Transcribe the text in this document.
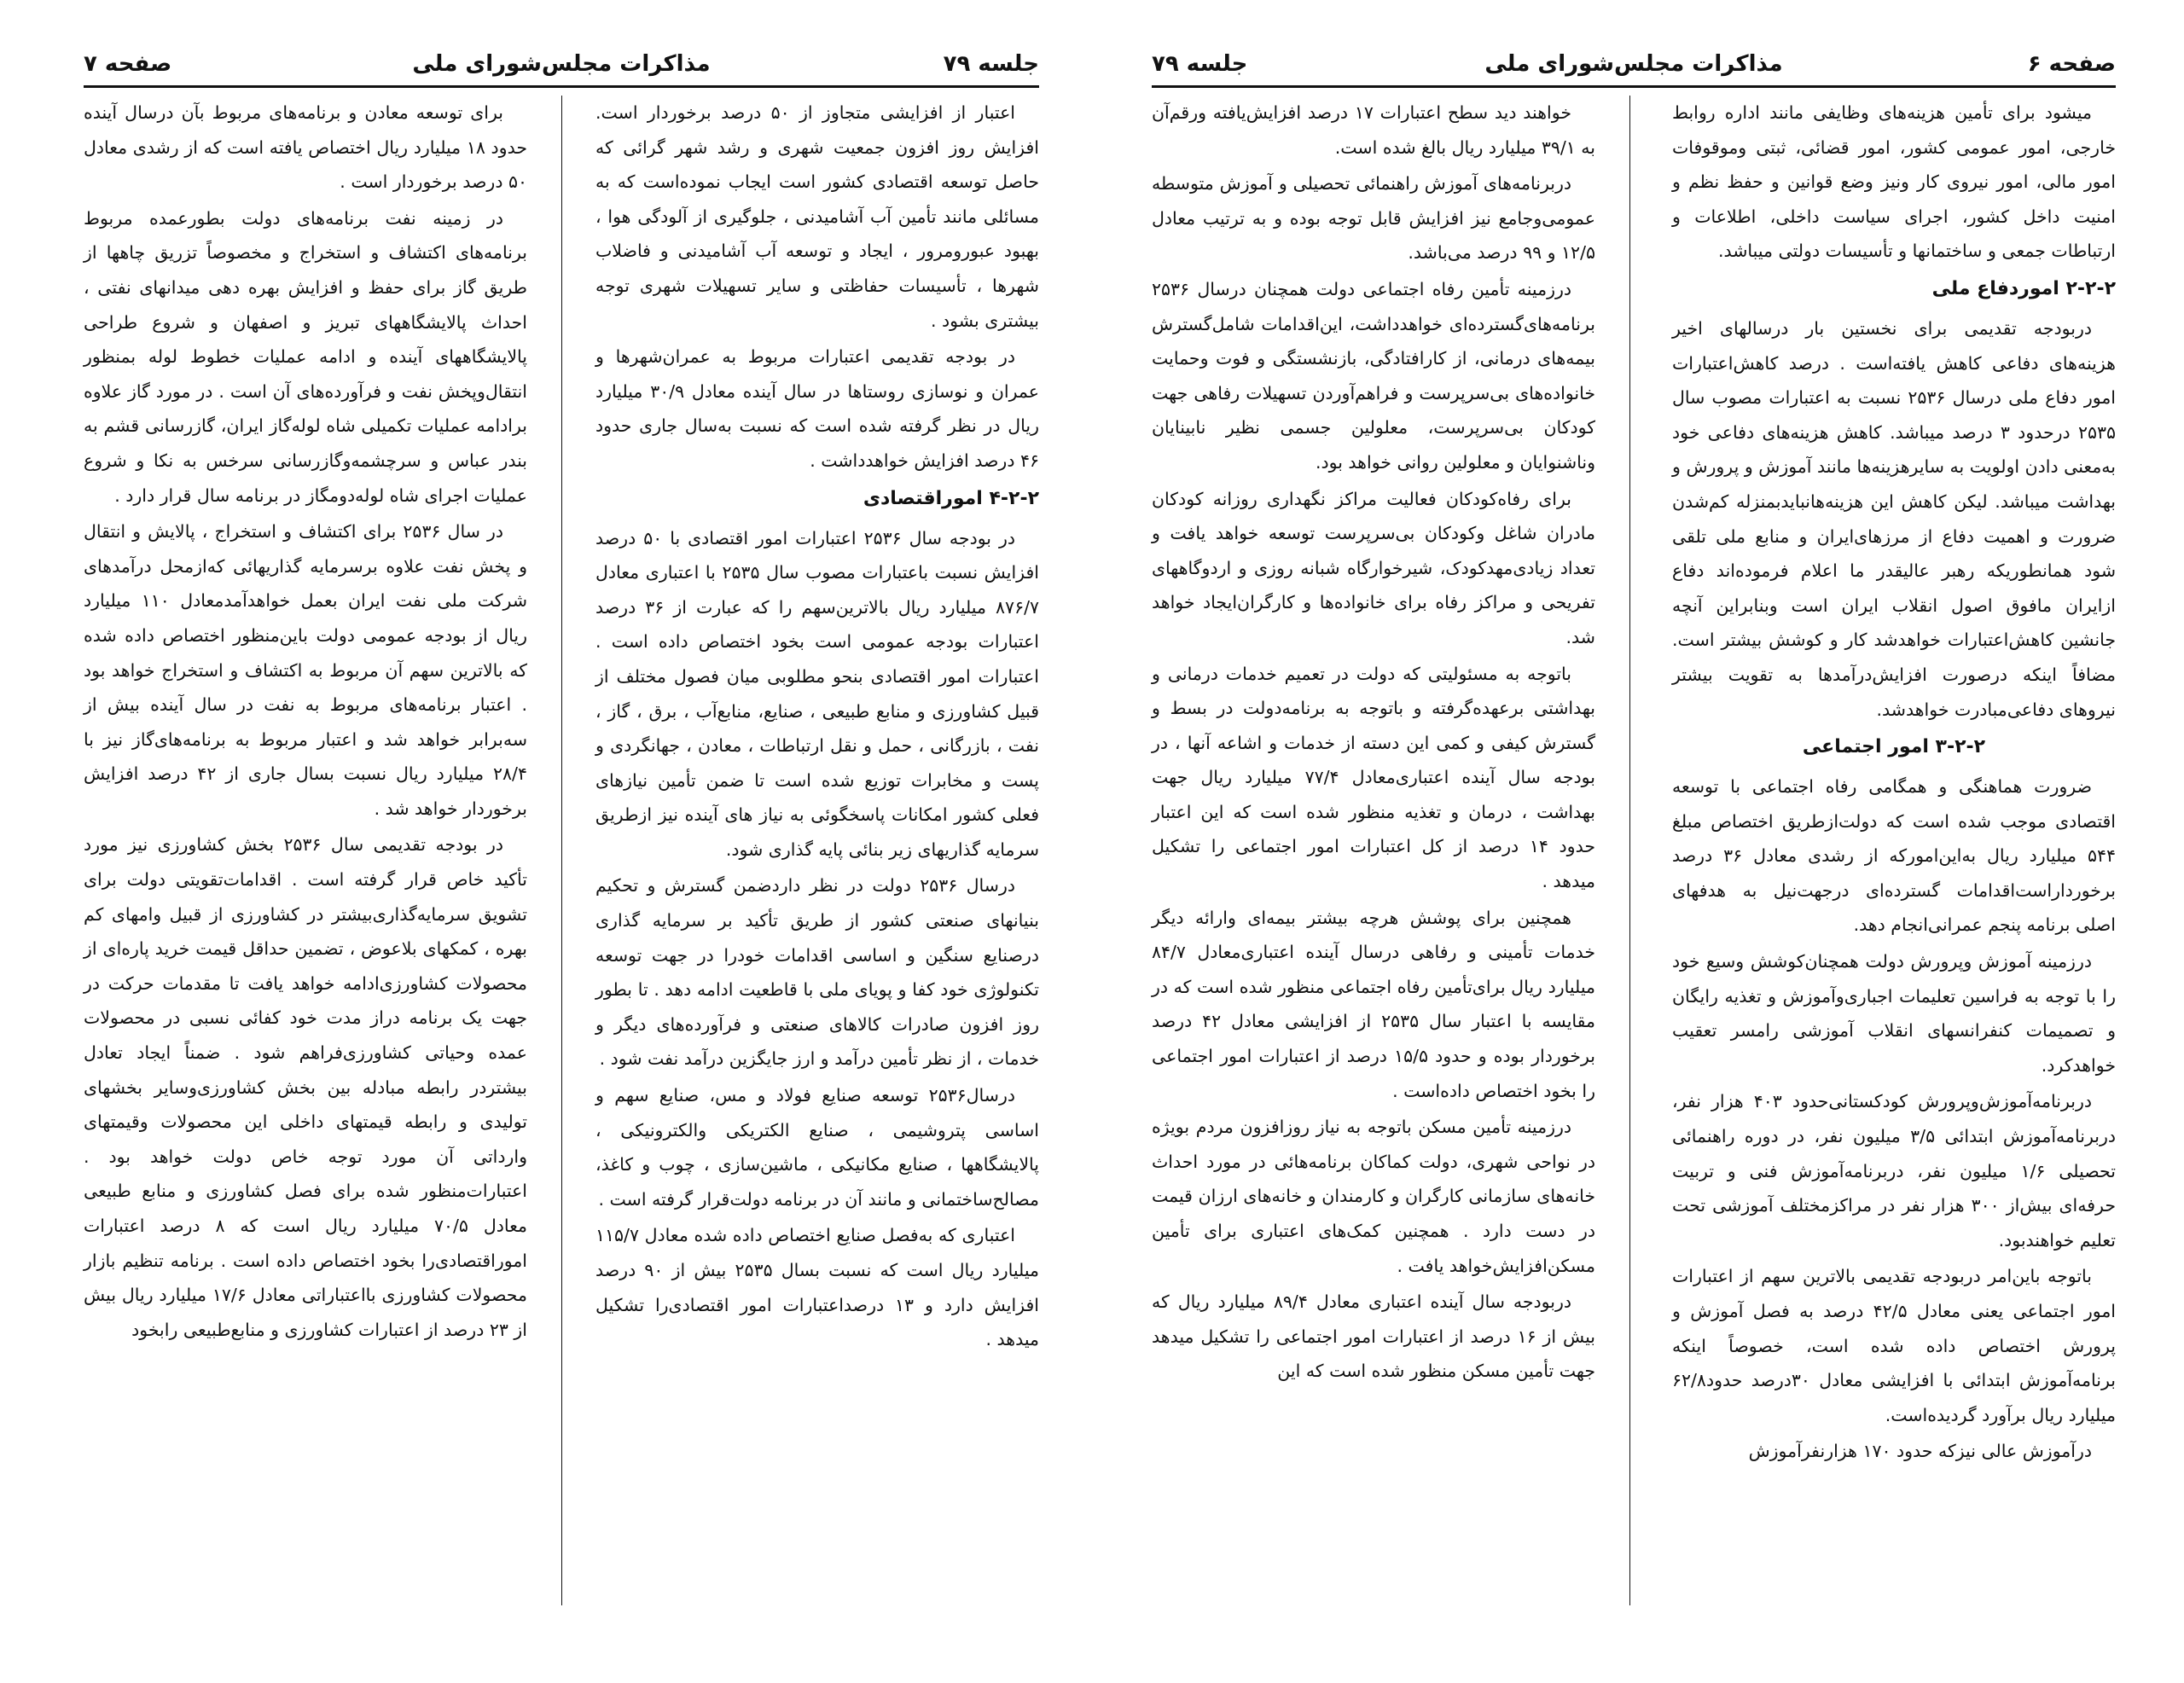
جلسه ۷۹
مذاکرات مجلس‌شورای ملی
صفحه ۷

اعتبار از افزایشی متجاوز از ۵۰ درصد برخوردار است. افزایش روز افزون جمعیت شهری و رشد شهر گرائی که حاصل توسعه اقتصادی کشور است ایجاب نموده‌است که به مسائلی مانند تأمین آب آشامیدنی ، جلوگیری از آلودگی هوا ، بهبود عبورومرور ، ایجاد و توسعه آب آشامیدنی و فاضلاب شهرها ، تأسیسات حفاظتی و سایر تسهیلات شهری توجه بیشتری بشود .

در بودجه تقدیمی اعتبارات مربوط به عمران‌شهرها و عمران و نوسازی روستاها در سال آینده معادل ۳۰/۹ میلیارد ریال در نظر گرفته شده است که نسبت به‌سال جاری حدود ۴۶ درصد افزایش خواهدداشت .

۴-۲-۲ اموراقتصادی

در بودجه سال ۲۵۳۶ اعتبارات امور اقتصادی با ۵۰ درصد افزایش نسبت باعتبارات مصوب سال ۲۵۳۵ با اعتباری معادل ۸۷۶/۷ میلیارد ریال بالاترین‌سهم را که عبارت از ۳۶ درصد اعتبارات بودجه عمومی است بخود اختصاص داده است . اعتبارات امور اقتصادی بنحو مطلوبی میان فصول مختلف از قبیل کشاورزی و منابع طبیعی ، صنایع، منابع‌آب ، برق ، گاز ، نفت ، بازرگانی ، حمل و نقل ارتباطات ، معادن ، جهانگردی و پست و مخابرات توزیع شده است تا ضمن تأمین نیازهای فعلی کشور امکانات پاسخگوئی به نیاز های آینده نیز ازطریق سرمایه گذاریهای زیر بنائی پایه گذاری شود.

درسال ۲۵۳۶ دولت در نظر داردضمن گسترش و تحکیم بنیانهای صنعتی کشور از طریق تأکید بر سرمایه گذاری درصنایع سنگین و اساسی اقدامات خودرا در جهت توسعه تکنولوژی خود کفا و پویای ملی با قاطعیت ادامه دهد . تا بطور روز افزون صادرات کالاهای صنعتی و فرآورده‌های دیگر و خدمات ، از نظر تأمین درآمد و ارز جایگزین درآمد نفت شود .

درسال۲۵۳۶ توسعه صنایع فولاد و مس، صنایع سهم و اساسی پتروشیمی ، صنایع الکتریکی والکترونیکی ، پالایشگاهها ، صنایع مکانیکی ، ماشین‌سازی ، چوب و کاغذ، مصالح‌ساختمانی و مانند آن در برنامه دولت‌قرار گرفته است .

اعتباری که به‌فصل صنایع اختصاص داده شده معادل ۱۱۵/۷ میلیارد ریال است که نسبت بسال ۲۵۳۵ بیش از ۹۰ درصد افزایش دارد و ۱۳ درصداعتبارات امور اقتصادی‌را تشکیل میدهد .

برای توسعه معادن و برنامه‌های مربوط بآن درسال آینده حدود ۱۸ میلیارد ریال اختصاص یافته است که از رشدی معادل ۵۰ درصد برخوردار است .

در زمینه نفت برنامه‌های دولت بطورعمده مربوط برنامه‌های اکتشاف و استخراج و مخصوصاً تزریق چاهها از طریق گاز برای حفظ و افزایش بهره دهی میدانهای نفتی ، احداث پالایشگاههای تبریز و اصفهان و شروع طراحی پالایشگاههای آینده و ادامه عملیات خطوط لوله بمنظور انتقال‌وپخش نفت و فرآورده‌های آن است . در مورد گاز علاوه برادامه عملیات تکمیلی شاه لوله‌گاز ایران، گازرسانی قشم به بندر عباس و سرچشمه‌وگازرسانی سرخس به نکا و شروع عملیات اجرای شاه لوله‌دومگاز در برنامه سال قرار دارد .

در سال ۲۵۳۶ برای اکتشاف و استخراج ، پالایش و انتقال و پخش نفت علاوه برسرمایه گذاریهائی که‌ازمحل درآمدهای شرکت ملی نفت ایران بعمل خواهدآمدمعادل ۱۱۰ میلیارد ریال از بودجه عمومی دولت باین‌منظور اختصاص داده شده که بالاترین سهم آن مربوط به اکتشاف و استخراج خواهد بود . اعتبار برنامه‌های مربوط به نفت در سال آینده بیش از سه‌برابر خواهد شد و اعتبار مربوط به برنامه‌های‌گاز نیز با ۲۸/۴ میلیارد ریال نسبت بسال جاری از ۴۲ درصد افزایش برخوردار خواهد شد .

در بودجه تقدیمی سال ۲۵۳۶ بخش کشاورزی نیز مورد تأکید خاص قرار گرفته است . اقدامات‌تقویتی دولت برای تشویق سرمایه‌گذاری‌بیشتر در کشاورزی از قبیل وامهای کم بهره ، کمکهای بلاعوض ، تضمین حداقل قیمت خرید پاره‌ای از محصولات کشاورزی‌ادامه خواهد یافت تا مقدمات حرکت در جهت یک برنامه دراز مدت خود کفائی نسبی در محصولات عمده وحیاتی کشاورزی‌فراهم شود . ضمناً ایجاد تعادل بیشتردر رابطه مبادله بین بخش کشاورزی‌وسایر بخشهای تولیدی و رابطه قیمتهای داخلی این محصولات وقیمتهای وارداتی آن مورد توجه خاص دولت خواهد بود . اعتبارات‌منظور شده برای فصل کشاورزی و منابع طبیعی معادل ۷۰/۵ میلیارد ریال است که ۸ درصد اعتبارات اموراقتصادی‌را بخود اختصاص داده است . برنامه تنظیم بازار محصولات کشاورزی بااعتباراتی معادل ۱۷/۶ میلیارد ریال بیش از ۲۳ درصد از اعتبارات کشاورزی و منابع‌طبیعی رابخود

صفحه ۶
مذاکرات مجلس‌شورای ملی
جلسه ۷۹

میشود برای تأمین هزینه‌های وظایفی مانند اداره روابط خارجی، امور عمومی کشور، امور قضائی، ثبتی وموقوفات امور مالی، امور نیروی کار ونیز وضع قوانین و حفظ نظم و امنیت داخل کشور، اجرای سیاست داخلی، اطلاعات و ارتباطات جمعی و ساختمانها و تأسیسات دولتی میباشد.

۲-۲-۲ اموردفاع ملی

دربودجه تقدیمی برای نخستین بار درسالهای اخیر هزینه‌های دفاعی کاهش یافته‌است . درصد کاهش‌اعتبارات امور دفاع ملی درسال ۲۵۳۶ نسبت به اعتبارات مصوب سال ۲۵۳۵ درحدود ۳ درصد میباشد. کاهش هزینه‌های دفاعی خود به‌معنی دادن اولویت به سایرهزینه‌ها مانند آموزش و پرورش و بهداشت میباشد. لیکن کاهش این هزینه‌هانبایدبمنزله کم‌شدن ضرورت و اهمیت دفاع از مرزهای‌ایران و منابع ملی تلقی شود همانطوریکه رهبر عالیقدر ما اعلام فرموده‌اند دفاع ازایران مافوق اصول انقلاب ایران است وبنابراین آنچه جانشین کاهش‌اعتبارات خواهدشد کار و کوشش بیشتر است. مضافاً اینکه درصورت افزایش‌درآمدها به تقویت بیشتر نیروهای دفاعی‌مبادرت خواهدشد.

۳-۲-۲ امور اجتماعی

ضرورت هماهنگی و همگامی رفاه اجتماعی با توسعه اقتصادی موجب شده است که دولت‌ازطریق اختصاص مبلغ ۵۴۴ میلیارد ریال به‌این‌امورکه از رشدی معادل ۳۶ درصد برخورداراست‌اقدامات گسترده‌ای درجهت‌نیل به هدفهای اصلی برنامه پنجم عمرانی‌انجام دهد.

درزمینه آموزش وپرورش دولت همچنان‌کوشش وسیع خود را با توجه به فراسین تعلیمات اجباری‌وآموزش و تغذیه رایگان و تصمیمات کنفرانسهای انقلاب آموزشی رامسر تعقیب خواهدکرد.

دربرنامه‌آموزش‌وپرورش کودکستانی‌حدود ۴۰۳ هزار نفر، دربرنامه‌آموزش ابتدائی ۳/۵ میلیون نفر، در دوره راهنمائی تحصیلی ۱/۶ میلیون نفر، دربرنامه‌آموزش فنی و تربیت حرفه‌ای بیش‌از ۳۰۰ هزار نفر در مراکزمختلف آموزشی تحت تعلیم خواهندبود.

باتوجه باین‌امر دربودجه تقدیمی بالاترین سهم از اعتبارات امور اجتماعی یعنی معادل ۴۲/۵ درصد به فصل آموزش و پرورش اختصاص داده شده است، خصوصاً اینکه برنامه‌آموزش ابتدائی با افزایشی معادل ۳۰درصد حدود۶۲/۸ میلیارد ریال برآورد گردیده‌است.

درآموزش عالی نیزکه حدود ۱۷۰ هزارنفرآموزش

خواهند دید سطح اعتبارات ۱۷ درصد افزایش‌یافته ورقم‌آن به ۳۹/۱ میلیارد ریال بالغ شده است.

دربرنامه‌های آموزش راهنمائی تحصیلی و آموزش متوسطه عمومی‌وجامع نیز افزایش قابل توجه بوده و به ترتیب معادل ۱۲/۵ و ۹۹ درصد می‌باشد.

درزمینه تأمین رفاه اجتماعی دولت همچنان درسال ۲۵۳۶ برنامه‌های‌گسترده‌ای خواهدداشت، این‌اقدامات شامل‌گسترش بیمه‌های درمانی، از کارافتادگی، بازنشستگی و فوت وحمایت خانواده‌های بی‌سرپرست و فراهم‌آوردن تسهیلات رفاهی جهت کودکان بی‌سرپرست، معلولین جسمی نظیر نابینایان وناشنوایان و معلولین روانی خواهد بود.

برای رفاه‌کودکان فعالیت مراکز نگهداری روزانه کودکان مادران شاغل وکودکان بی‌سرپرست توسعه خواهد یافت و تعداد زیادی‌مهدکودک، شیرخوارگاه شبانه روزی و اردوگاههای تفریحی و مراکز رفاه برای خانواده‌ها و کارگران‌ایجاد خواهد شد.

باتوجه به مسئولیتی که دولت در تعمیم خدمات درمانی و بهداشتی برعهده‌گرفته و باتوجه به برنامه‌دولت در بسط و گسترش کیفی و کمی این دسته از خدمات و اشاعه آنها ، در بودجه سال آینده اعتباری‌معادل ۷۷/۴ میلیارد ریال جهت بهداشت ، درمان و تغذیه منظور شده است که این اعتبار حدود ۱۴ درصد از کل اعتبارات امور اجتماعی را تشکیل میدهد .

همچنین برای پوشش هرچه بیشتر بیمه‌ای وارائه دیگر خدمات تأمینی و رفاهی درسال آینده اعتباری‌معادل ۸۴/۷ میلیارد ریال برای‌تأمین رفاه اجتماعی منظور شده است که در مقایسه با اعتبار سال ۲۵۳۵ از افزایشی معادل ۴۲ درصد برخوردار بوده و حدود ۱۵/۵ درصد از اعتبارات امور اجتماعی را بخود اختصاص داده‌است .

درزمینه تأمین مسکن باتوجه به نیاز روزافزون مردم بویژه در نواحی شهری، دولت کماکان برنامه‌هائی در مورد احداث خانه‌های سازمانی کارگران و کارمندان و خانه‌های ارزان قیمت در دست دارد . همچنین کمک‌های اعتباری برای تأمین مسکن‌افزایش‌خواهد یافت .

دربودجه سال آینده اعتباری معادل ۸۹/۴ میلیارد ریال که بیش از ۱۶ درصد از اعتبارات امور اجتماعی را تشکیل میدهد جهت تأمین مسکن منظور شده است که این
